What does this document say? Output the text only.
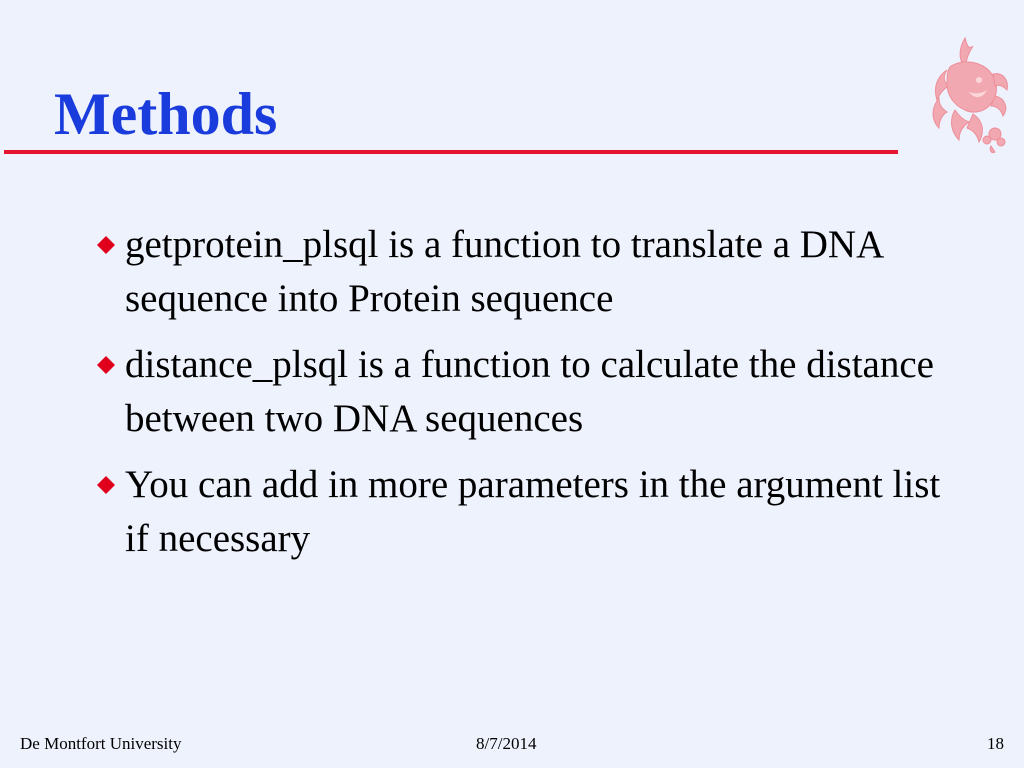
Methods
getprotein_plsql is a function to translate a DNA sequence into Protein sequence
distance_plsql is a function to calculate the distance between two DNA sequences
You can add in more parameters in the argument list if necessary
De Montfort University	8/7/2014	18
